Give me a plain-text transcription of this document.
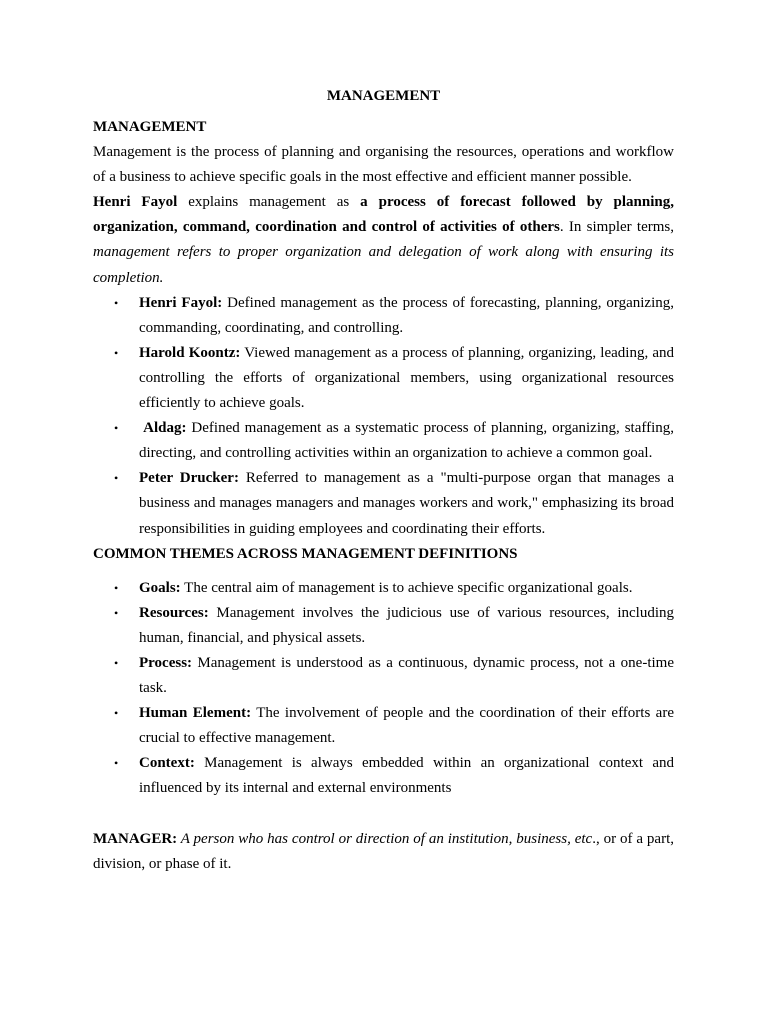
MANAGEMENT

MANAGEMENT

Management is the process of planning and organising the resources, operations and workflow of a business to achieve specific goals in the most effective and efficient manner possible.

Henri Fayol explains management as a process of forecast followed by planning, organization, command, coordination and control of activities of others. In simpler terms, management refers to proper organization and delegation of work along with ensuring its completion.

• Henri Fayol: Defined management as the process of forecasting, planning, organizing, commanding, coordinating, and controlling.
• Harold Koontz: Viewed management as a process of planning, organizing, leading, and controlling the efforts of organizational members, using organizational resources efficiently to achieve goals.
• Aldag: Defined management as a systematic process of planning, organizing, staffing, directing, and controlling activities within an organization to achieve a common goal.
• Peter Drucker: Referred to management as a "multi-purpose organ that manages a business and manages managers and manages workers and work," emphasizing its broad responsibilities in guiding employees and coordinating their efforts.

COMMON THEMES ACROSS MANAGEMENT DEFINITIONS

• Goals: The central aim of management is to achieve specific organizational goals.
• Resources: Management involves the judicious use of various resources, including human, financial, and physical assets.
• Process: Management is understood as a continuous, dynamic process, not a one-time task.
• Human Element: The involvement of people and the coordination of their efforts are crucial to effective management.
• Context: Management is always embedded within an organizational context and influenced by its internal and external environments

MANAGER: A person who has control or direction of an institution, business, etc., or of a part, division, or phase of it.
